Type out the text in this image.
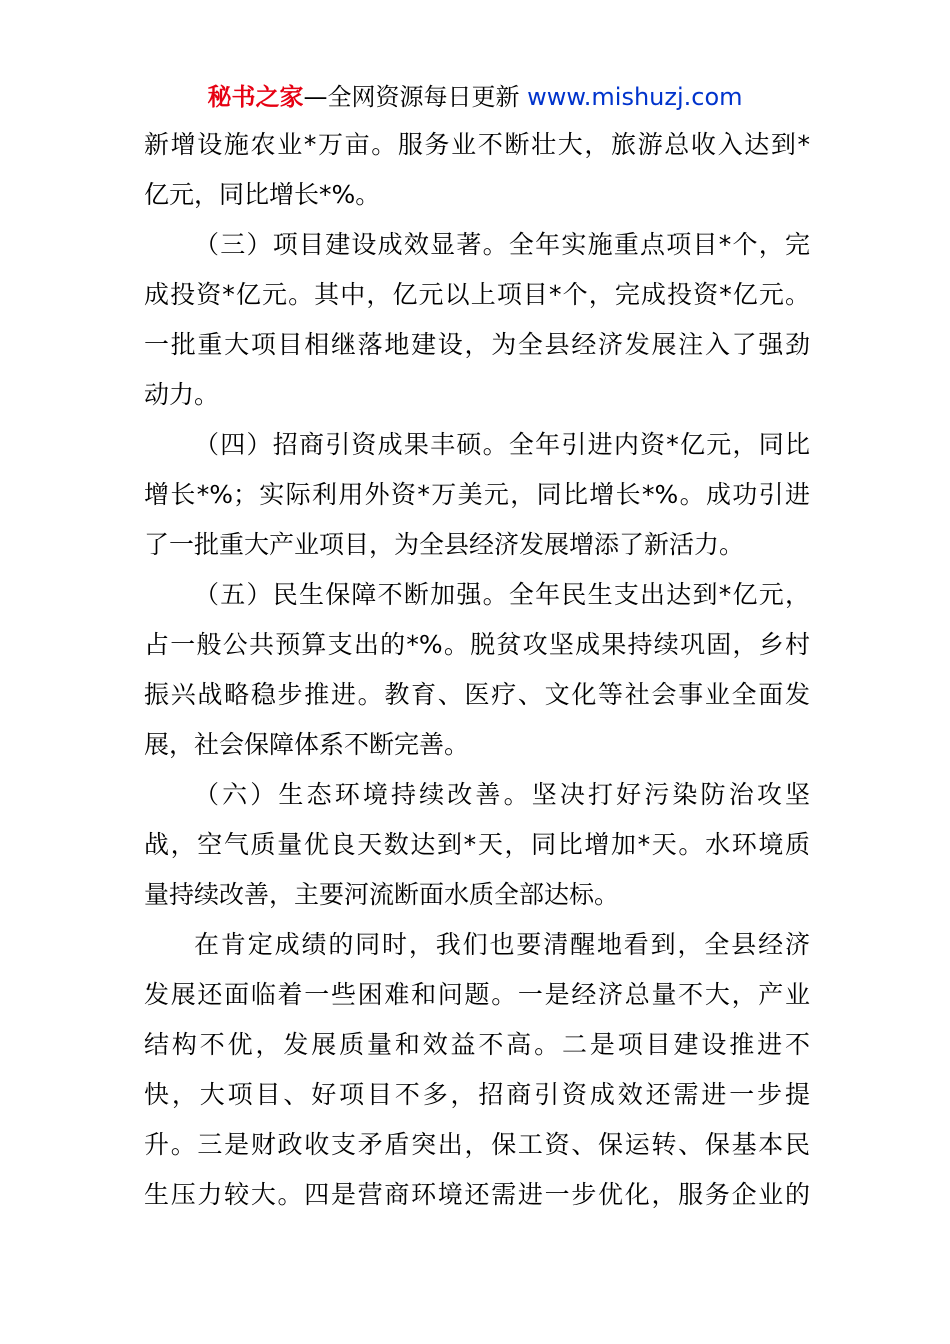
秘书之家—全网资源每日更新 www.mishuzj.com
新增设施农业*万亩。服务业不断壮大，旅游总收入达到*
亿元，同比增长*%。
（三）项目建设成效显著。全年实施重点项目*个，完
成投资*亿元。其中，亿元以上项目*个，完成投资*亿元。
一批重大项目相继落地建设，为全县经济发展注入了强劲
动力。
（四）招商引资成果丰硕。全年引进内资*亿元，同比
增长*%；实际利用外资*万美元，同比增长*%。成功引进
了一批重大产业项目，为全县经济发展增添了新活力。
（五）民生保障不断加强。全年民生支出达到*亿元，
占一般公共预算支出的*%。脱贫攻坚成果持续巩固，乡村
振兴战略稳步推进。教育、医疗、文化等社会事业全面发
展，社会保障体系不断完善。
（六）生态环境持续改善。坚决打好污染防治攻坚
战，空气质量优良天数达到*天，同比增加*天。水环境质
量持续改善，主要河流断面水质全部达标。
在肯定成绩的同时，我们也要清醒地看到，全县经济
发展还面临着一些困难和问题。一是经济总量不大，产业
结构不优，发展质量和效益不高。二是项目建设推进不
快，大项目、好项目不多，招商引资成效还需进一步提
升。三是财政收支矛盾突出，保工资、保运转、保基本民
生压力较大。四是营商环境还需进一步优化，服务企业的
